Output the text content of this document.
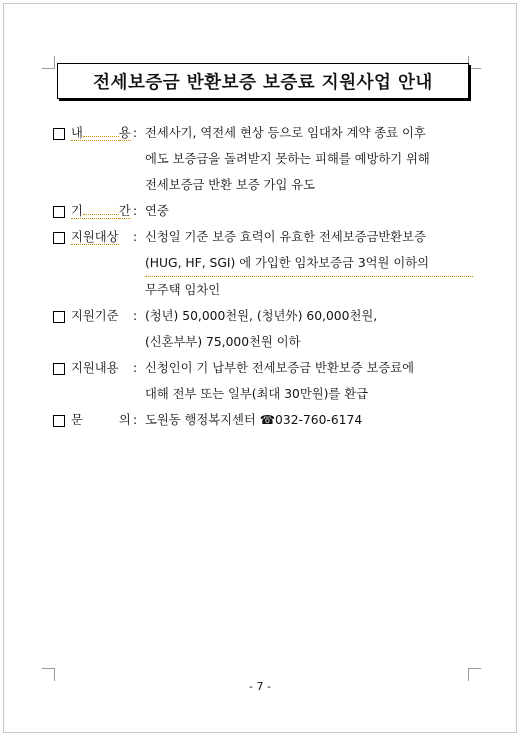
전세보증금 반환보증 보증료 지원사업 안내
내	용 : 전세사기, 역전세 현상 등으로 임대차 계약 종료 이후
에도 보증금을 돌려받지 못하는 피해를 예방하기 위해
전세보증금 반환 보증 가입 유도
기	간 : 연중
지원대상	: 신청일 기준 보증 효력이 유효한 전세보증금반환보증
(HUG, HF, SGI) 에 가입한 임차보증금 3억원 이하의
무주택 임차인
지원기준	: (청년) 50,000천원, (청년外) 60,000천원,
(신혼부부) 75,000천원 이하
지원내용	: 신청인이 기 납부한 전세보증금 반환보증 보증료에
대해 전부 또는 일부(최대 30만원)를 환급
문	의 : 도원동 행정복지센터 ☎032-760-6174
- 7 -
